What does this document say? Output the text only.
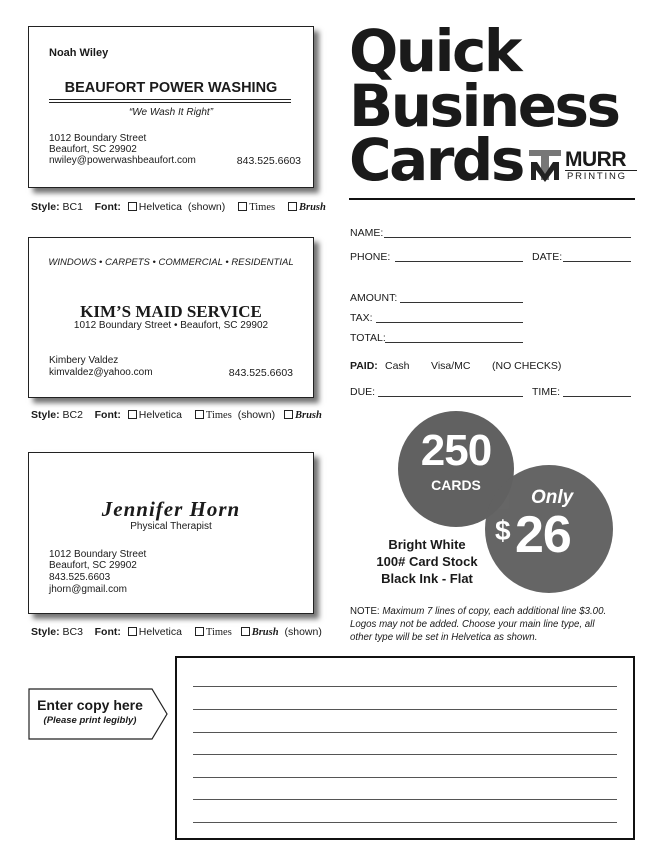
Noah Wiley
BEAUFORT POWER WASHING
“We Wash It Right”
1012 Boundary Street
Beaufort, SC 29902
nwiley@powerwashbeaufort.com	843.525.6603
Style: BC1 Font: Helvetica (shown) Times Brush
WINDOWS • CARPETS • COMMERCIAL • RESIDENTIAL
KIM’S MAID SERVICE
1012 Boundary Street • Beaufort, SC 29902
Kimbery Valdez
kimvaldez@yahoo.com	843.525.6603
Style: BC2 Font: Helvetica Times (shown) Brush
Jennifer Horn
Physical Therapist
1012 Boundary Street
Beaufort, SC 29902
843.525.6603
jhorn@gmail.com
Style: BC3 Font: Helvetica Times Brush (shown)
Quick
Business
Cards MURR
PRINTING
NAME:
PHONE:	DATE:
AMOUNT:
TAX:
TOTAL:
PAID: Cash Visa/MC (NO CHECKS)
DUE:	TIME:
250
CARDS
Only
$ 26
Bright White
100# Card Stock
Black Ink - Flat
NOTE: Maximum 7 lines of copy, each additional line $3.00.
Logos may not be added. Choose your main line type, all
other type will be set in Helvetica as shown.
Enter copy here
(Please print legibly)
